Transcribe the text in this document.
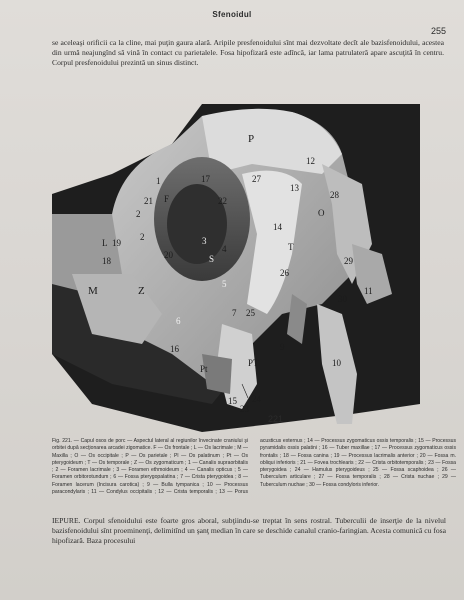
Sfenoidul
255
se aceleaşi orificii ca la cline, mai puţin gaura alară. Aripile presfenoidului sînt mai dezvoltate decît ale bazisfenoidului, acestea din urmă neajungînd să vină în contact cu parietalele. Fosa hipofizară este adîncă, iar lama patrulateră apare ascuţită în centru. Corpul presfenoidului prezintă un sinus distinct.
P
12
17	27
1
13
28
21 F	22
O
2
14
2
L 19	3
T
4
S
18
20
29
26
5
M	Z	11
30
7 25
6
9
16
PT	10
Pt
15 24
23
221

Fig. 221. — Capul osos de porc — Aspectul lateral al regiunilor învecinate craniului şi orbitei după secţionarea arcadei zigomatice. F — Os frontale ; L — Os lacrimale ; M — Maxilla ; O — Os occipitale ; P — Os parietale ; Pl — Os palatinum ; Pt — Os pterygoideum ; T — Os temporale ; Z — Os zygomaticum ; 1 — Canalis supraorbitalis ; 2 — Foramen lacrimale ; 3 — Foramen ethmoideum ; 4 — Canalis opticus ; 5 — Foramen orbitorotundum ; 6 — Fossa pterygopalatina ; 7 — Crista pterygoidea ; 8 — Foramen lacerum (Incisura carotica) ; 9 — Bulla tympanica ; 10 — Processus paracondylaris ; 11 — Condylus occipitalis ; 12 — Crista temporalis ; 13 — Porus acusticus externus ; 14 — Processus zygomaticus ossis temporalis ; 15 — Processus pyramidalis ossis palatini ; 16 — Tuber maxillae ; 17 — Processus zygomaticus ossis frontalis ; 18 — Fossa canina ; 19 — Processus lacrimalis anterior ; 20 — Fossa m. obliqui inferioris ; 21 — Fovea trochlearis ; 22 — Crista orbitotemporalis ; 23 — Fossa pterygoidea ; 24 — Hamulus pterygoideus ; 25 — Fossa scaphoidea ; 26 — Tuberculum articulare ; 27 — Fossa temporalis ; 28 — Crista nuchae ; 29 — Tuberculum nuchae ; 30 — Fossa condyloris inferior.

IEPURE. Corpul sfenoidului este foarte gros aboral, subţiindu-se treptat în sens rostral. Tuberculii de inserţie de la nivelul bazisfenoidului sînt proeminenţi, delimitînd un şanţ median în care se deschide canalul cranio-faringian. Acesta comunică cu fosa hipofizară. Baza procesului
